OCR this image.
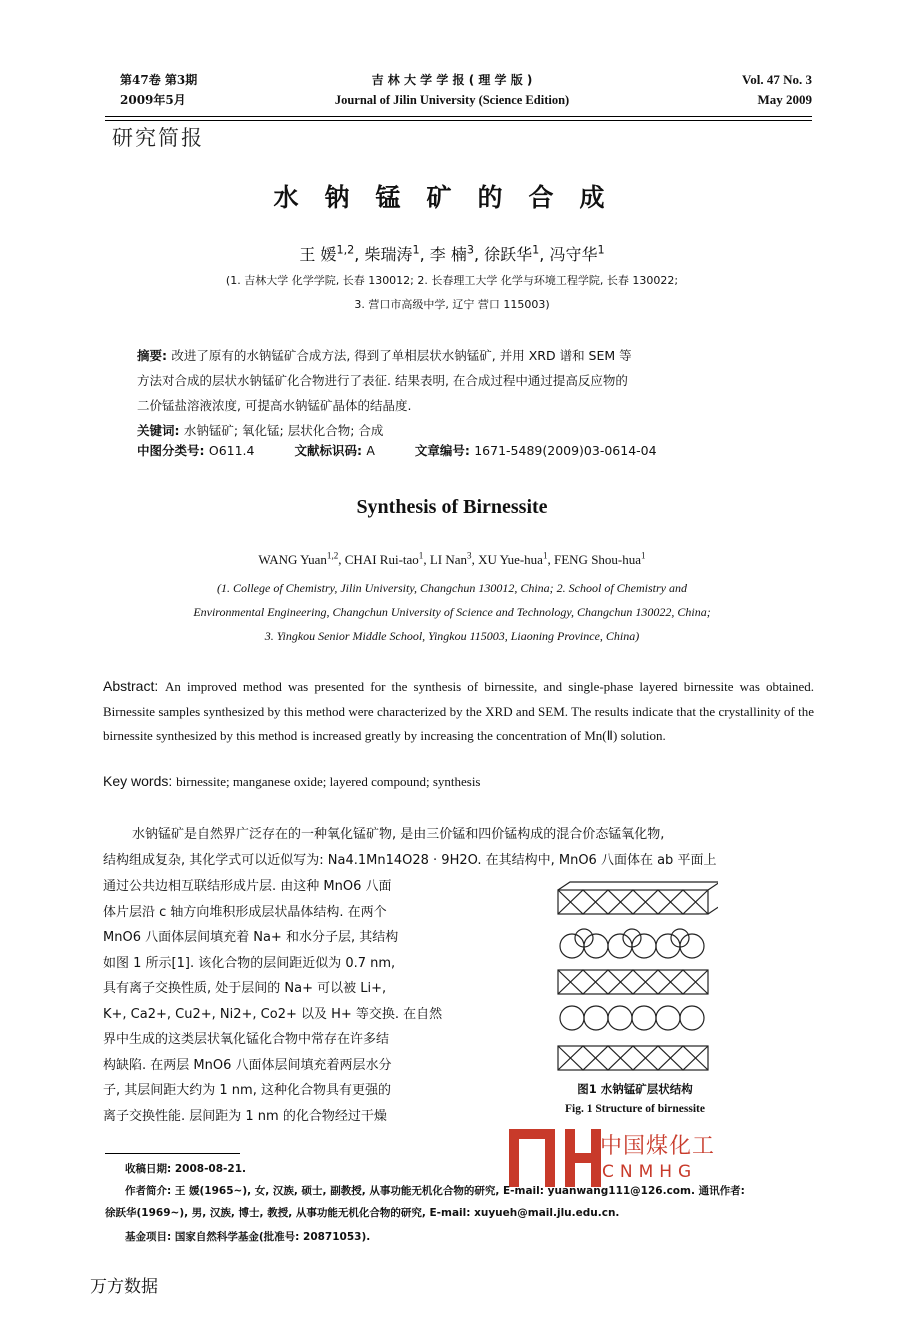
第47卷 第3期
2009年5月
吉 林 大 学 学 报 ( 理 学 版 )
Journal of Jilin University (Science Edition)
Vol. 47 No. 3
May 2009
研究简报
水钠锰矿的合成
王 媛$^{1,2}$, 柴瑞涛$^1$, 李 楠$^3$, 徐跃华$^1$, 冯守华$^1$
(1. 吉林大学 化学学院, 长春 130012; 2. 长春理工大学 化学与环境工程学院, 长春 130022;
3. 营口市高级中学, 辽宁 营口 115003)
摘要: 改进了原有的水钠锰矿合成方法, 得到了单相层状水钠锰矿, 并用 XRD 谱和 SEM 等
方法对合成的层状水钠锰矿化合物进行了表征. 结果表明, 在合成过程中通过提高反应物的
二价锰盐溶液浓度, 可提高水钠锰矿晶体的结晶度.
关键词: 水钠锰矿; 氧化锰; 层状化合物; 合成
中图分类号: O611.4	文献标识码: A	文章编号: 1671-5489(2009)03-0614-04
Synthesis of Birnessite
WANG Yuan$^{1,2}$, CHAI Rui-tao$^1$, LI Nan$^3$, XU Yue-hua$^1$, FENG Shou-hua$^1$
(1. College of Chemistry, Jilin University, Changchun 130012, China; 2. School of Chemistry and
Environmental Engineering, Changchun University of Science and Technology, Changchun 130022, China;
3. Yingkou Senior Middle School, Yingkou 115003, Liaoning Province, China)
Abstract: An improved method was presented for the synthesis of birnessite, and single-phase layered birnessite was obtained. Birnessite samples synthesized by this method were characterized by the XRD and SEM. The results indicate that the crystallinity of the birnessite synthesized by this method is increased greatly by increasing the concentration of Mn(Ⅱ) solution.
Key words: birnessite; manganese oxide; layered compound; synthesis
水钠锰矿是自然界广泛存在的一种氧化锰矿物, 是由三价锰和四价锰构成的混合价态锰氧化物,
结构组成复杂, 其化学式可以近似写为: Na4.1Mn14O28 · 9H2O. 在其结构中, MnO6 八面体在 ab 平面上
通过公共边相互联结形成片层. 由这种 MnO6 八面
体片层沿 c 轴方向堆积形成层状晶体结构. 在两个
MnO6 八面体层间填充着 Na+ 和水分子层, 其结构
如图 1 所示[1]. 该化合物的层间距近似为 0.7 nm,
具有离子交换性质, 处于层间的 Na+ 可以被 Li+,
K+, Ca2+, Cu2+, Ni2+, Co2+ 以及 H+ 等交换. 在自然
界中生成的这类层状氧化锰化合物中常存在许多结
构缺陷. 在两层 MnO6 八面体层间填充着两层水分
子, 其层间距大约为 1 nm, 这种化合物具有更强的
离子交换性能. 层间距为 1 nm 的化合物经过干燥
图1 水钠锰矿层状结构
Fig. 1 Structure of birnessite
中国煤化工
CNMHG
收稿日期: 2008-08-21.
作者简介: 王 媛(1965~), 女, 汉族, 硕士, 副教授, 从事功能无机化合物的研究, E-mail: yuanwang111@126.com. 通讯作者:
徐跃华(1969~), 男, 汉族, 博士, 教授, 从事功能无机化合物的研究, E-mail: xuyueh@mail.jlu.edu.cn.
基金项目: 国家自然科学基金(批准号: 20871053).
万方数据
